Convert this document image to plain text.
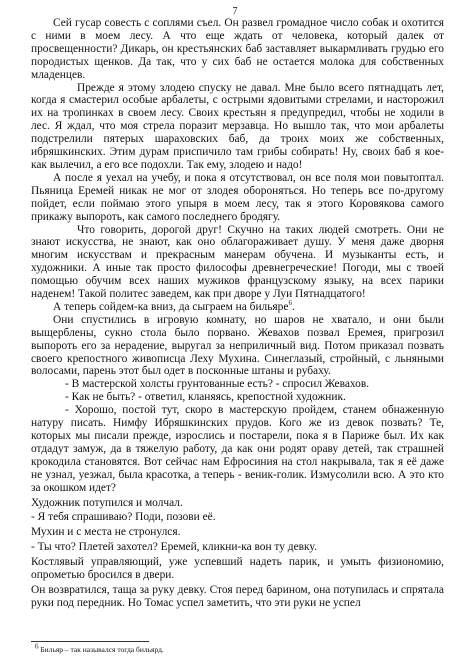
7

Сей гусар совесть с соплями съел. Он развел громадное число собак и охотится с ними в моем лесу. А что еще ждать от человека, который далек от просвещенности? Дикарь, он крестьянских баб заставляет выкармливать грудью его породистых щенков. Да так, что у сих баб не остается молока для собственных младенцев.

Прежде я этому злодею спуску не давал. Мне было всего пятнадцать лет, когда я смастерил особые арбалеты, с острыми ядовитыми стрелами, и насторожил их на тропинках в своем лесу. Своих крестьян я предупредил, чтобы не ходили в лес. Я ждал, что моя стрела поразит мерзавца. Но вышло так, что мои арбалеты подстрелили пятерых шараховских баб, да троих моих же собственных, ибряшкинских. Этим дурам приспичило там грибы собирать! Ну, своих баб я кое-как вылечил, а его все подохли. Так ему, злодею и надо!

А после я уехал на учебу, и пока я отсутствовал, он все поля мои повытоптал. Пьяница Еремей никак не мог от злодея обороняться. Но теперь все по-другому пойдет, если поймаю этого упыря в моем лесу, так я этого Коровякова самого прикажу выпороть, как самого последнего бродягу.

Что говорить, дорогой друг! Скучно на таких людей смотреть. Они не знают искусства, не знают, как оно облагораживает душу. У меня даже дворня многим искусствам и прекрасным манерам обучена. И музыканты есть, и художники. А иные так просто философы древнегреческие! Погоди, мы с твоей помощью обучим всех наших мужиков французскому языку, на всех парики наденем! Такой политес заведем, как при дворе у Луи Пятнадцатого!

А теперь сойдем-ка вниз, да сыграем на бильяре$^6$.

Они спустились в игровую комнату, но шаров не хватало, и они были выщерблены, сукно стола было порвано. Жевахов позвал Еремея, пригрозил выпороть его за нерадение, выругал за неприличный вид. Потом приказал позвать своего крепостного живописца Леху Мухина. Синеглазый, стройный, с льняными волосами, парень этот был одет в посконные штаны и рубаху.

- В мастерской холсты грунтованные есть? - спросил Жевахов.

- Как не быть? - ответил, кланяясь, крепостной художник.

- Хорошо, постой тут, скоро в мастерскую пройдем, станем обнаженную натуру писать. Нимфу Ибряшкинских прудов. Кого же из девок позвать? Те, которых мы писали прежде, изрослись и постарели, пока я в Париже был. Их как отдадут замуж, да в тяжелую работу, да как они родят ораву детей, так страшней крокодила становятся. Вот сейчас нам Ефросиния на стол накрывала, так я её даже не узнал, уезжал, была красотка, а теперь - веник-голик. Измусолили всю. А это кто за окошком идет?

Художник потупился и молчал.

- Я тебя спрашиваю? Поди, позови её.

Мухин и с места не стронулся.

- Ты что? Плетей захотел? Еремей, кликни-ка вон ту девку.

Костлявый управляющий, уже успевший надеть парик, и умыть физиономию, опрометью бросился в двери.

Он возвратился, таща за руку девку. Стоя перед барином, она потупилась и спрятала руки под передник. Но Томас успел заметить, что эти руки не успел

$^6$ Бильяр – так назывался тогда бильярд.
